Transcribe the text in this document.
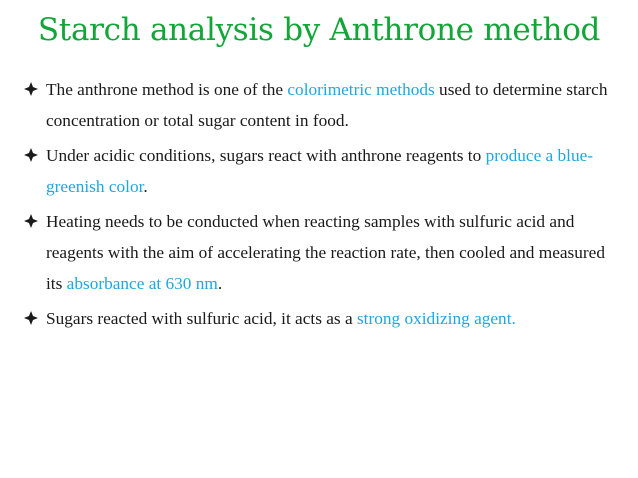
Starch analysis by Anthrone method
The anthrone method is one of the colorimetric methods used to determine starch concentration or total sugar content in food.
Under acidic conditions, sugars react with anthrone reagents to produce a blue-greenish color.
Heating needs to be conducted when reacting samples with sulfuric acid and reagents with the aim of accelerating the reaction rate, then cooled and measured its absorbance at 630 nm.
Sugars reacted with sulfuric acid, it acts as a strong oxidizing agent.
